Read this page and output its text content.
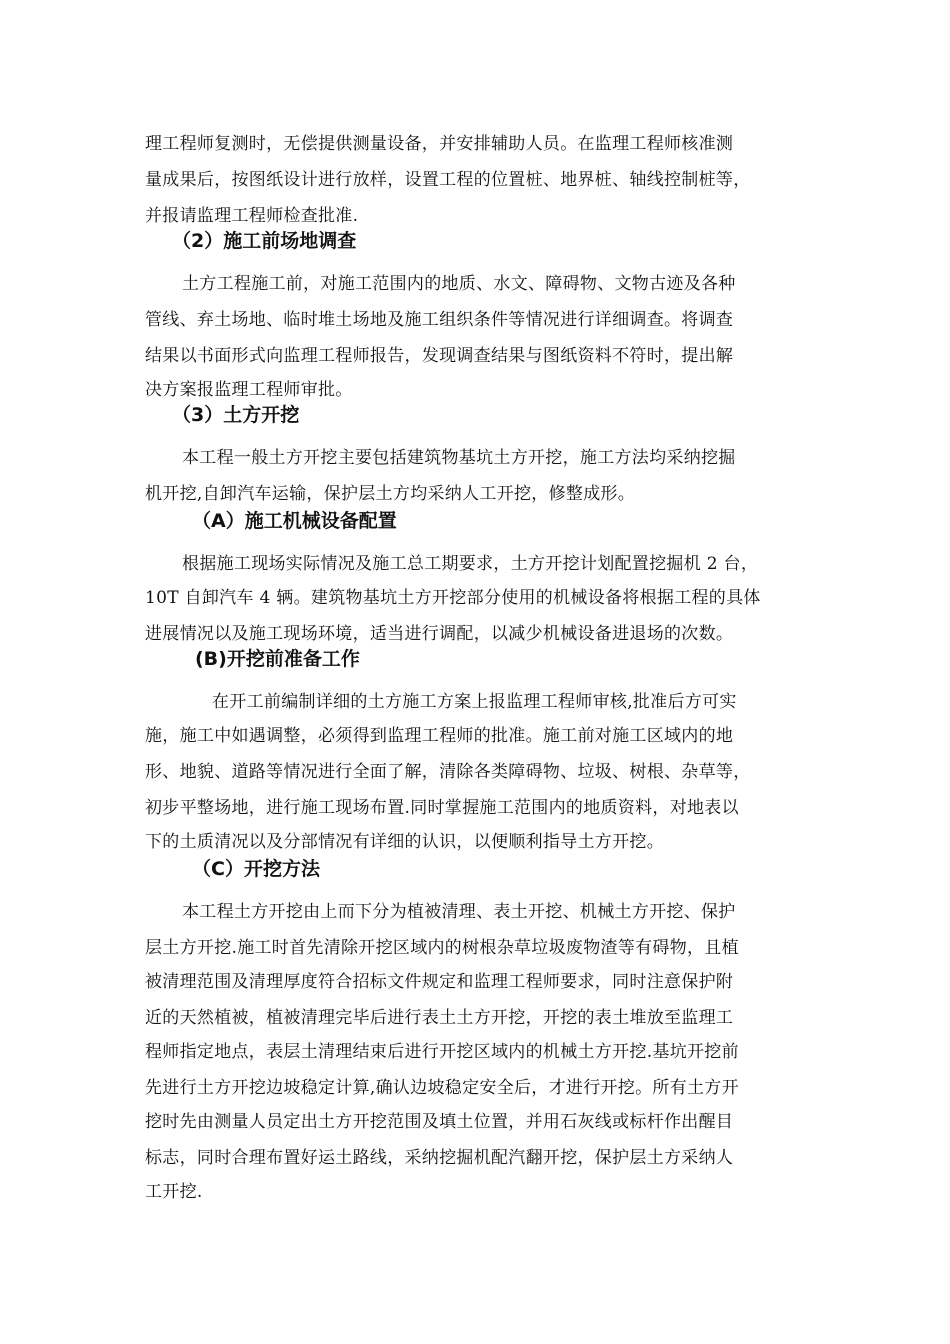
理工程师复测时，无偿提供测量设备，并安排辅助人员。在监理工程师核准测
量成果后，按图纸设计进行放样，设置工程的位置桩、地界桩、轴线控制桩等，
并报请监理工程师检查批准.
（2）施工前场地调查
土方工程施工前，对施工范围内的地质、水文、障碍物、文物古迹及各种
管线、弃土场地、临时堆土场地及施工组织条件等情况进行详细调查。将调查
结果以书面形式向监理工程师报告，发现调查结果与图纸资料不符时，提出解
决方案报监理工程师审批。
（3）土方开挖
本工程一般土方开挖主要包括建筑物基坑土方开挖，施工方法均采纳挖掘
机开挖,自卸汽车运输，保护层土方均采纳人工开挖，修整成形。
（A）施工机械设备配置
根据施工现场实际情况及施工总工期要求，土方开挖计划配置挖掘机 2 台，
10T 自卸汽车 4 辆。建筑物基坑土方开挖部分使用的机械设备将根据工程的具体
进展情况以及施工现场环境，适当进行调配，以减少机械设备进退场的次数。
(B)开挖前准备工作
在开工前编制详细的土方施工方案上报监理工程师审核,批准后方可实
施，施工中如遇调整，必须得到监理工程师的批准。施工前对施工区域内的地
形、地貌、道路等情况进行全面了解，清除各类障碍物、垃圾、树根、杂草等，
初步平整场地，进行施工现场布置.同时掌握施工范围内的地质资料，对地表以
下的土质清况以及分部情况有详细的认识，以便顺利指导土方开挖。
（C）开挖方法
本工程土方开挖由上而下分为植被清理、表土开挖、机械土方开挖、保护
层土方开挖.施工时首先清除开挖区域内的树根杂草垃圾废物渣等有碍物，且植
被清理范围及清理厚度符合招标文件规定和监理工程师要求，同时注意保护附
近的天然植被，植被清理完毕后进行表土土方开挖，开挖的表土堆放至监理工
程师指定地点，表层土清理结束后进行开挖区域内的机械土方开挖.基坑开挖前
先进行土方开挖边坡稳定计算,确认边坡稳定安全后，才进行开挖。所有土方开
挖时先由测量人员定出土方开挖范围及填土位置，并用石灰线或标杆作出醒目
标志，同时合理布置好运土路线，采纳挖掘机配汽翻开挖，保护层土方采纳人
工开挖.
